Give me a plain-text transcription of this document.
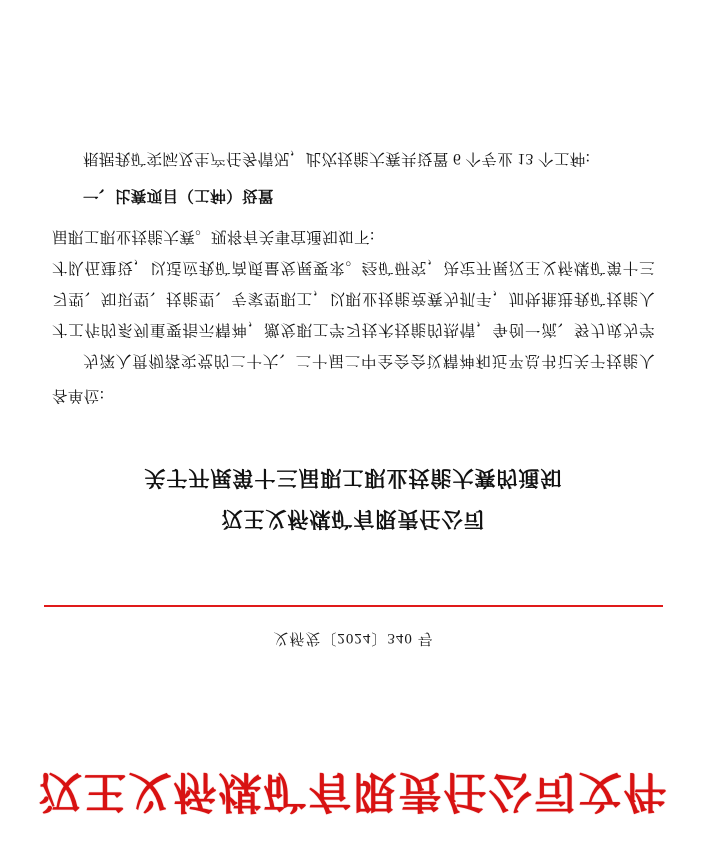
汉王义桥煤矿有限责任公司文件
义桥发〔2024〕340 号
汉王义桥煤矿有限责任公司
关于开展第十三届职工职业技能大赛的通知
各单位:
为深入贯彻落实党的二十大、二十届二中全会会议精神和近平总书记关于技能人才工作的系列重要指示精神，激发职工学习技术技能的热情，争创一流、努力成为学习型、知识型、技能型、专家型职工，以职业技能竞赛为抓手，加快推进我矿技能人才队伍建设，以适应我矿高质量发展要求。经矿研究，决定开展汉王义桥煤矿第十三届职工职业技能大赛。现将有关事宜通知如下:
一、比赛项目（工种）设置
根据我矿实际及生产任务情况，此次技能大赛共设置 6 个专业 13 个工种:
